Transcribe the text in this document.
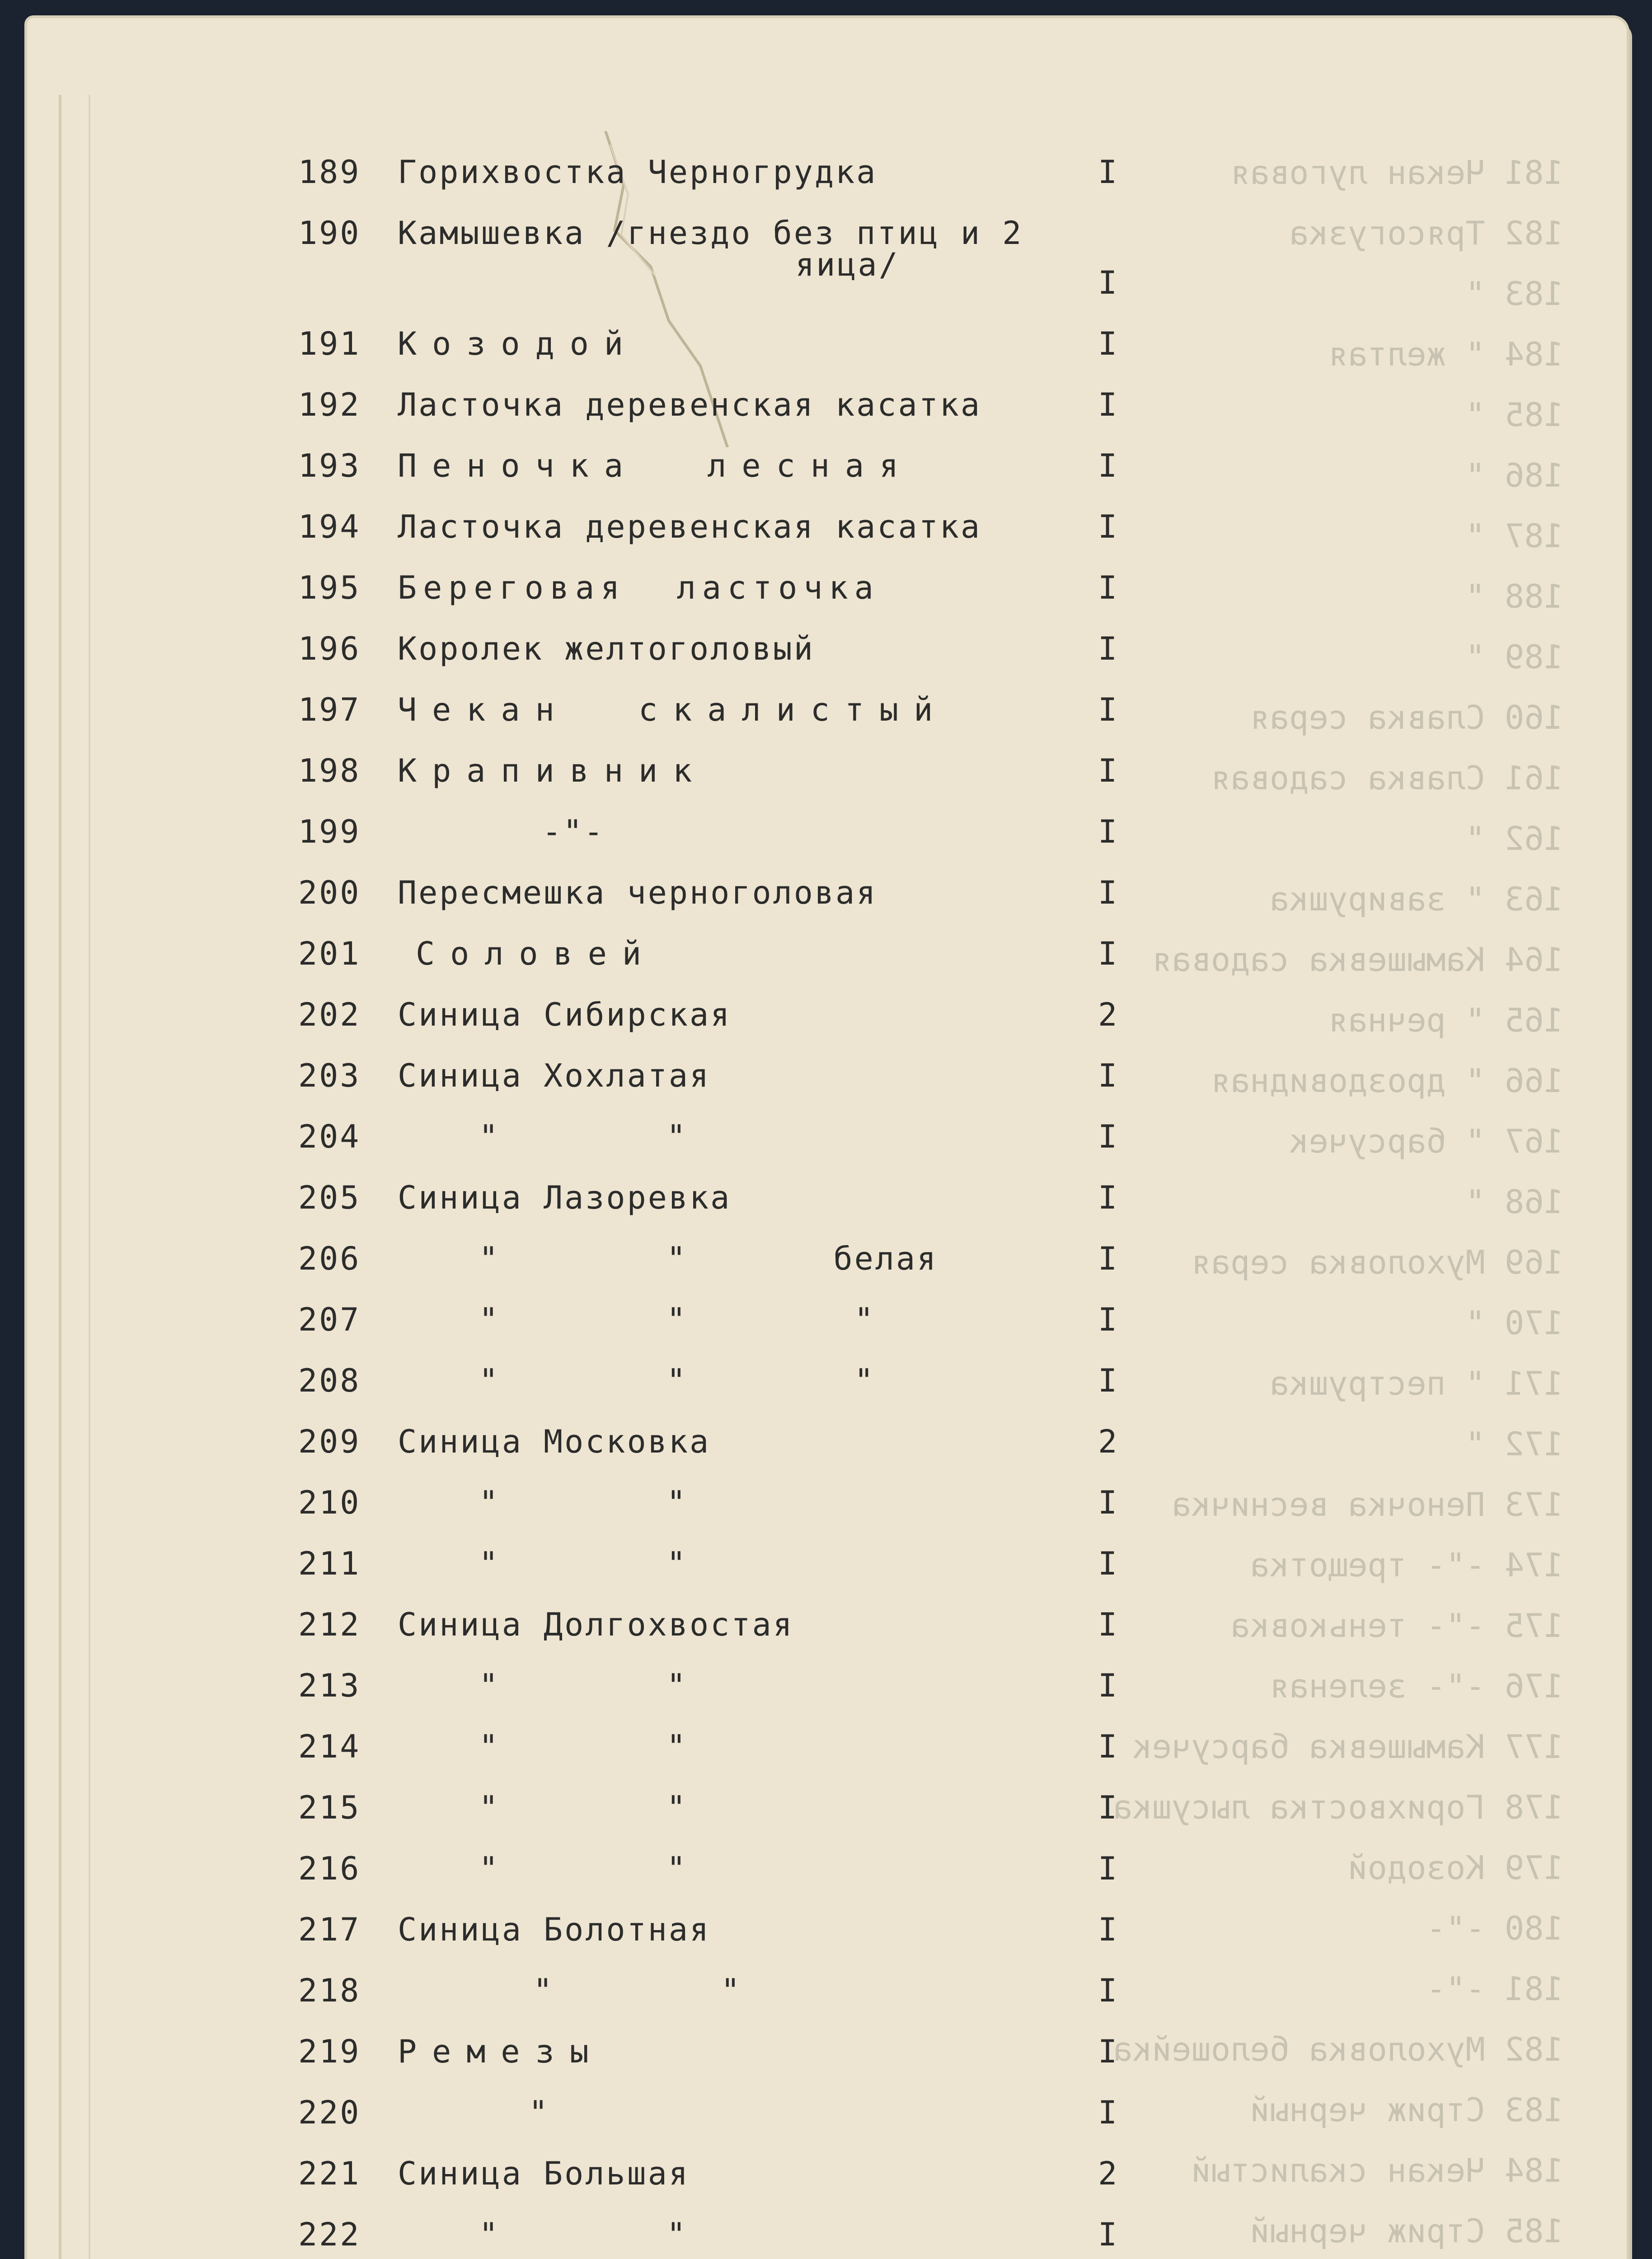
181 Чекан луговая
182 Трясогузка
183 "
184 " желтая
185 "
186 "
187 "
188 "
189 "
160 Славка серая
161 Славка садовая
162 "
163 " завирушка
164 Камышевка садовая
165 " речная
166 " дроздовидная
167 " барсучек
168 "
169 Мухоловка серая
170 "
171 " пеструшка
172 "
173 Пеночка весничка
174 -"- трещотка
175 -"- теньковка
176 -"- зеленая
177 Камышевка барсучек
178 Горихвостка лысушка
179 Козодой
180 -"-
181 -"-
182 Мухоловка белошейка
183 Стриж черный
184 Чекан скалистый
185 Стриж черный
189	Горихвостка Черногрудка	I
190	Камышевка /гнездо без птиц и 2
яица/	I
191	Козодой	I
192	Ласточка деревенская касатка	I
193	Пеночка  лесная	I
194	Ласточка деревенская касатка	I
195	Береговая  ласточка	I
196	Королек желтоголовый	I
197	Чекан  скалистый	I
198	Крапивник	I
199	-"-	I
200	Пересмешка черноголовая	I
201	Соловей	I
202	Синица Сибирская	2
203	Синица Хохлатая	I
204	"        "	I
205	Синица Лазоревка	I
206	"        "       белая	I
207	"        "        "	I
208	"        "        "	I
209	Синица Московка	2
210	"        "	I
211	"        "	I
212	Синица Долгохвостая	I
213	"        "	I
214	"        "	I
215	"        "	I
216	"        "	I
217	Синица Болотная	I
218	"        "	I
219	Ремезы	I
220	"	I
221	Синица Большая	2
222	"        "	I
